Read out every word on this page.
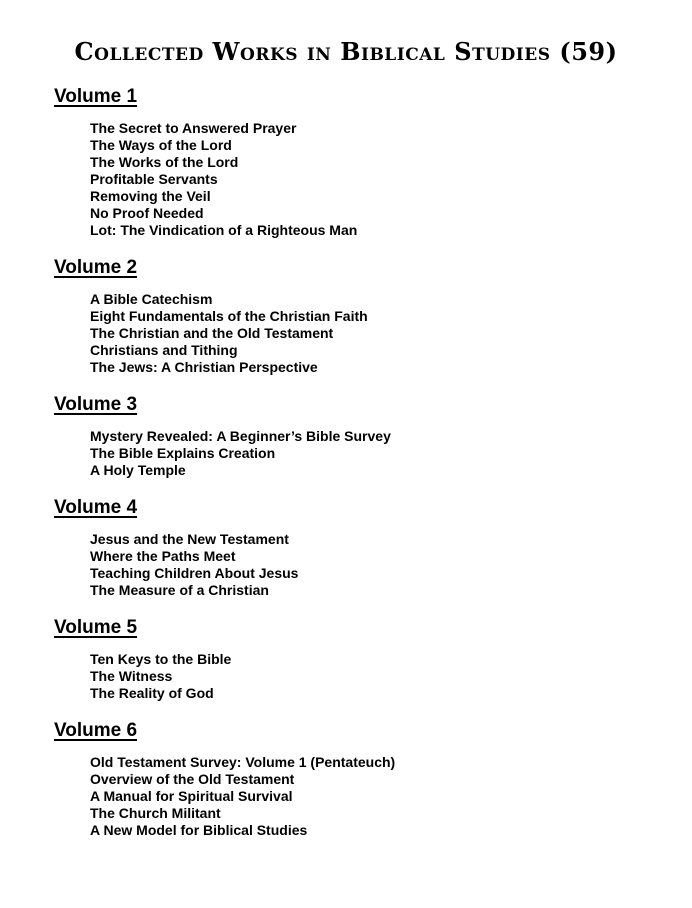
Collected Works in Biblical Studies (59)
Volume 1
The Secret to Answered Prayer
The Ways of the Lord
The Works of the Lord
Profitable Servants
Removing the Veil
No Proof Needed
Lot: The Vindication of a Righteous Man
Volume 2
A Bible Catechism
Eight Fundamentals of the Christian Faith
The Christian and the Old Testament
Christians and Tithing
The Jews: A Christian Perspective
Volume 3
Mystery Revealed: A Beginner’s Bible Survey
The Bible Explains Creation
A Holy Temple
Volume 4
Jesus and the New Testament
Where the Paths Meet
Teaching Children About Jesus
The Measure of a Christian
Volume 5
Ten Keys to the Bible
The Witness
The Reality of God
Volume 6
Old Testament Survey: Volume 1 (Pentateuch)
Overview of the Old Testament
A Manual for Spiritual Survival
The Church Militant
A New Model for Biblical Studies
